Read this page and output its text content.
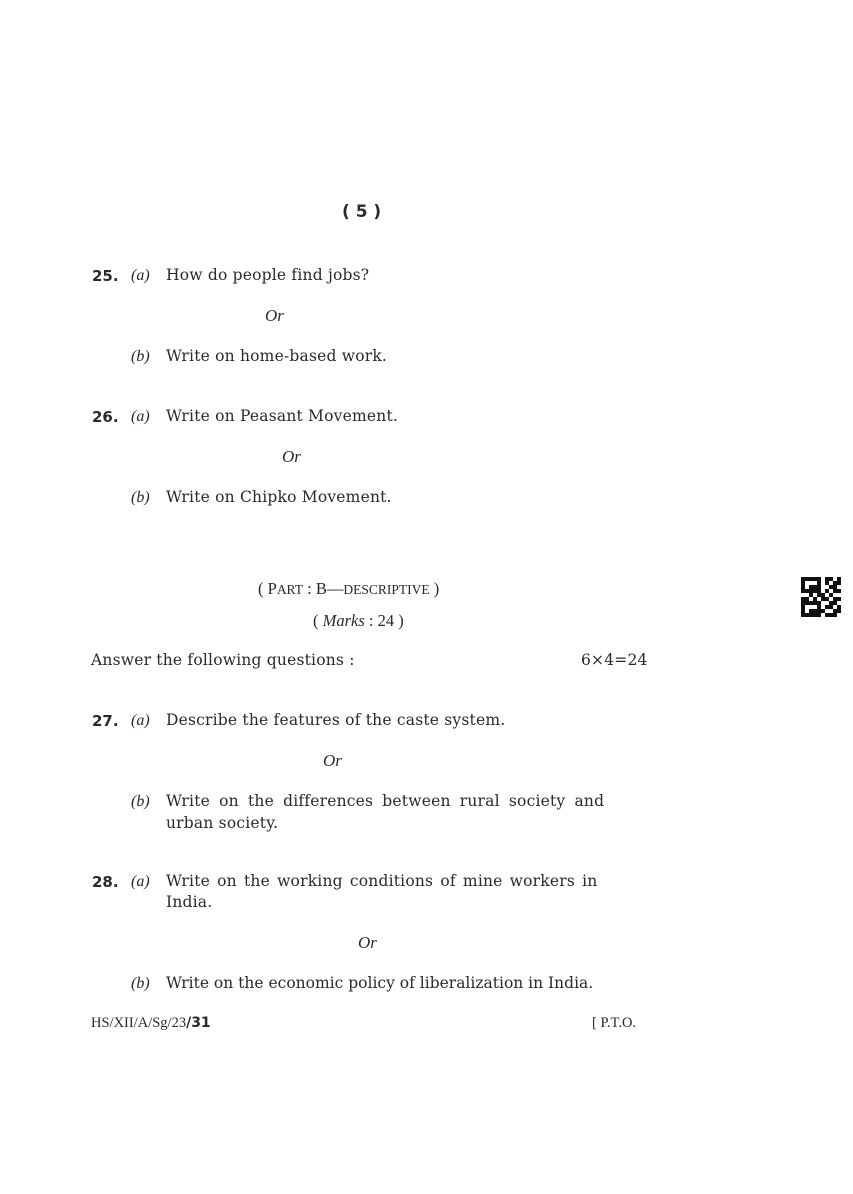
( 5 )
25. (a) How do people find jobs?
Or
(b) Write on home-based work.
26. (a) Write on Peasant Movement.
Or
(b) Write on Chipko Movement.
( PART : B—DESCRIPTIVE )
( Marks : 24 )
Answer the following questions :	6×4=24
27. (a) Describe the features of the caste system.
Or
(b) Write on the differences between rural society and
urban society.
28. (a) Write on the working conditions of mine workers in
India.
Or
(b) Write on the economic policy of liberalization in India.
HS/XII/A/Sg/23/31	[ P.T.O.
